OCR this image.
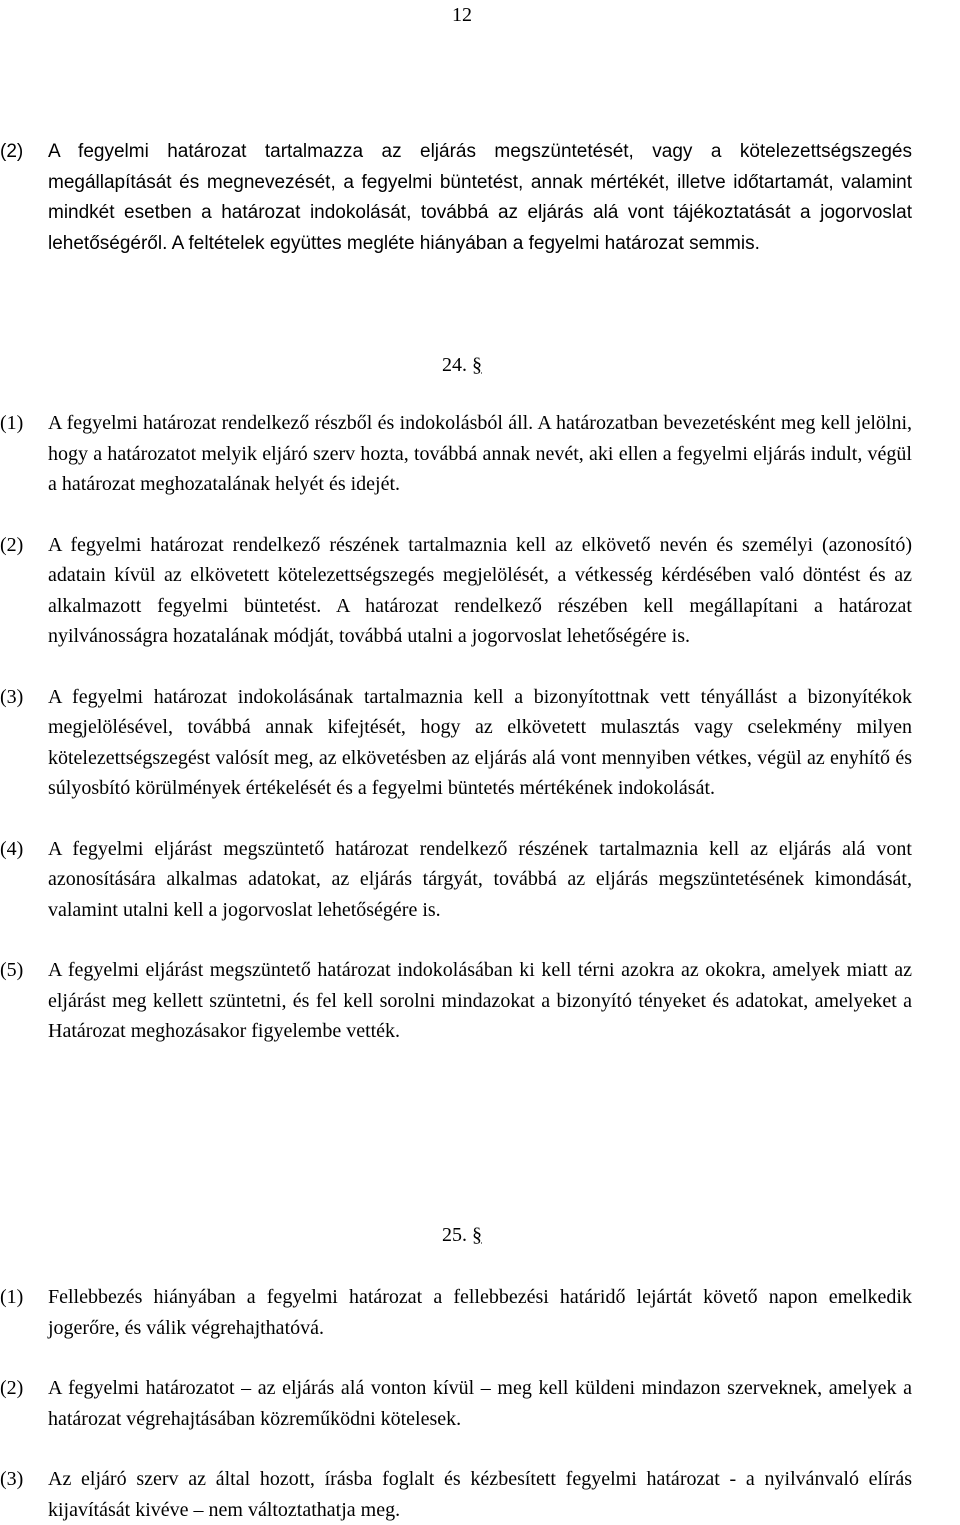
12

(2) A fegyelmi határozat tartalmazza az eljárás megszüntetését, vagy a kötelezettségszegés megállapítását és megnevezését, a fegyelmi büntetést, annak mértékét, illetve időtartamát, valamint mindkét esetben a határozat indokolását, továbbá az eljárás alá vont tájékoztatását a jogorvoslat lehetőségéről. A feltételek együttes megléte hiányában a fegyelmi határozat semmis.

24. §

(1) A fegyelmi határozat rendelkező részből és indokolásból áll. A határozatban bevezetésként meg kell jelölni, hogy a határozatot melyik eljáró szerv hozta, továbbá annak nevét, aki ellen a fegyelmi eljárás indult, végül a határozat meghozatalának helyét és idejét.

(2) A fegyelmi határozat rendelkező részének tartalmaznia kell az elkövető nevén és személyi (azonosító) adatain kívül az elkövetett kötelezettségszegés megjelölését, a vétkesség kérdésében való döntést és az alkalmazott fegyelmi büntetést. A határozat rendelkező részében kell megállapítani a határozat nyilvánosságra hozatalának módját, továbbá utalni a jogorvoslat lehetőségére is.

(3) A fegyelmi határozat indokolásának tartalmaznia kell a bizonyítottnak vett tényállást a bizonyítékok megjelölésével, továbbá annak kifejtését, hogy az elkövetett mulasztás vagy cselekmény milyen kötelezettségszegést valósít meg, az elkövetésben az eljárás alá vont mennyiben vétkes, végül az enyhítő és súlyosbító körülmények értékelését és a fegyelmi büntetés mértékének indokolását.

(4) A fegyelmi eljárást megszüntető határozat rendelkező részének tartalmaznia kell az eljárás alá vont azonosítására alkalmas adatokat, az eljárás tárgyát, továbbá az eljárás megszüntetésének kimondását, valamint utalni kell a jogorvoslat lehetőségére is.

(5) A fegyelmi eljárást megszüntető határozat indokolásában ki kell térni azokra az okokra, amelyek miatt az eljárást meg kellett szüntetni, és fel kell sorolni mindazokat a bizonyító tényeket és adatokat, amelyeket a Határozat meghozásakor figyelembe vették.

25. §

(1) Fellebbezés hiányában a fegyelmi határozat a fellebbezési határidő lejártát követő napon emelkedik jogerőre, és válik végrehajthatóvá.

(2) A fegyelmi határozatot – az eljárás alá vonton kívül – meg kell küldeni mindazon szerveknek, amelyek a határozat végrehajtásában közreműködni kötelesek.

(3) Az eljáró szerv az által hozott, írásba foglalt és kézbesített fegyelmi határozat - a nyilvánvaló elírás kijavítását kivéve – nem változtathatja meg.
